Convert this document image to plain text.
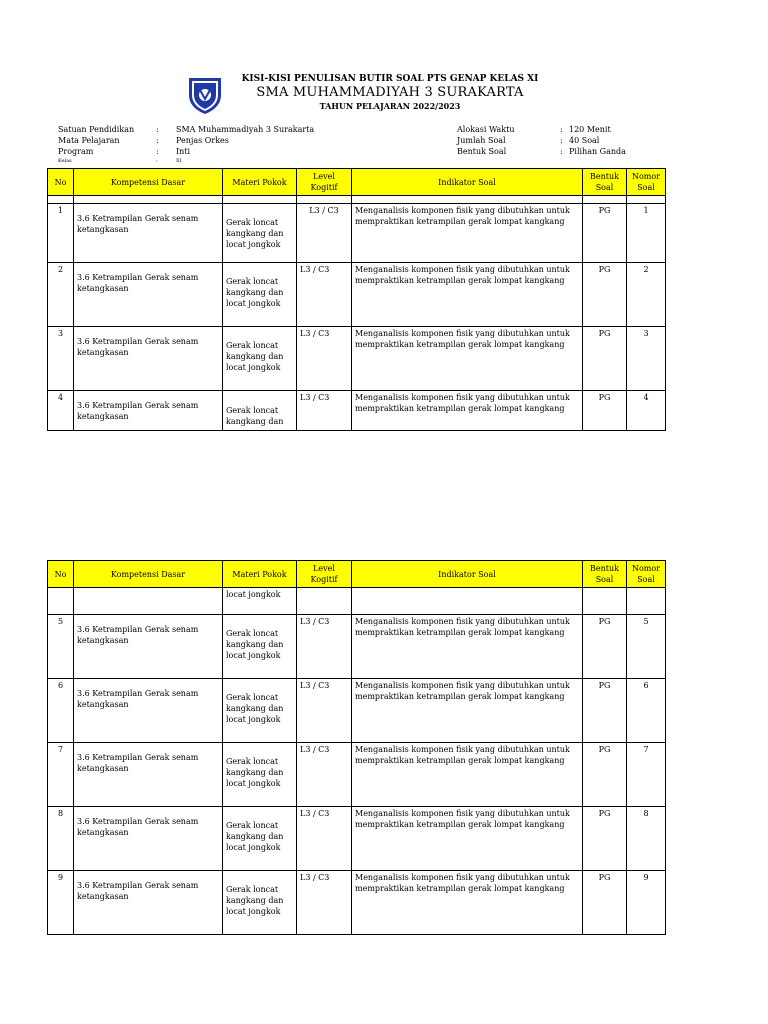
KISI-KISI PENULISAN BUTIR SOAL PTS GENAP KELAS XI
SMA MUHAMMADIYAH 3 SURAKARTA
TAHUN PELAJARAN 2022/2023
Satuan Pendidikan	: SMA Muhammadiyah 3 Surakarta
Mata Pelajaran	: Penjas Orkes
Program	: Inti
Kelas	:	XI
Alokasi Waktu	: 120 Menit
Jumlah Soal	: 40 Soal
Bentuk Soal	: Pilihan Ganda
No	Kompetensi Dasar	Materi Pokok	Level Kogitif	Indikator Soal	Bentuk Soal	Nomor Soal

1	3.6 Ketrampilan Gerak senam ketangkasan	Gerak loncat kangkang dan locat jongkok	L3 / C3	Menganalisis komponen fisik yang dibutuhkan untuk mempraktikan ketrampilan gerak lompat kangkang	PG	1
2	3.6 Ketrampilan Gerak senam ketangkasan	Gerak loncat kangkang dan locat jongkok	L3 / C3	Menganalisis komponen fisik yang dibutuhkan untuk mempraktikan ketrampilan gerak lompat kangkang	PG	2
3	3.6 Ketrampilan Gerak senam ketangkasan	Gerak loncat kangkang dan locat jongkok	L3 / C3	Menganalisis komponen fisik yang dibutuhkan untuk mempraktikan ketrampilan gerak lompat kangkang	PG	3
4	3.6 Ketrampilan Gerak senam ketangkasan	Gerak loncat kangkang dan	L3 / C3	Menganalisis komponen fisik yang dibutuhkan untuk mempraktikan ketrampilan gerak lompat kangkang	PG	4
No	Kompetensi Dasar	Materi Pokok	Level Kogitif	Indikator Soal	Bentuk Soal	Nomor Soal
		locat jongkok				
5	3.6 Ketrampilan Gerak senam ketangkasan	Gerak loncat kangkang dan locat jongkok	L3 / C3	Menganalisis komponen fisik yang dibutuhkan untuk mempraktikan ketrampilan gerak lompat kangkang	PG	5
6	3.6 Ketrampilan Gerak senam ketangkasan	Gerak loncat kangkang dan locat jongkok	L3 / C3	Menganalisis komponen fisik yang dibutuhkan untuk mempraktikan ketrampilan gerak lompat kangkang	PG	6
7	3.6 Ketrampilan Gerak senam ketangkasan	Gerak loncat kangkang dan locat jongkok	L3 / C3	Menganalisis komponen fisik yang dibutuhkan untuk mempraktikan ketrampilan gerak lompat kangkang	PG	7
8	3.6 Ketrampilan Gerak senam ketangkasan	Gerak loncat kangkang dan locat jongkok	L3 / C3	Menganalisis komponen fisik yang dibutuhkan untuk mempraktikan ketrampilan gerak lompat kangkang	PG	8
9	3.6 Ketrampilan Gerak senam ketangkasan	Gerak loncat kangkang dan locat jongkok	L3 / C3	Menganalisis komponen fisik yang dibutuhkan untuk mempraktikan ketrampilan gerak lompat kangkang	PG	9
